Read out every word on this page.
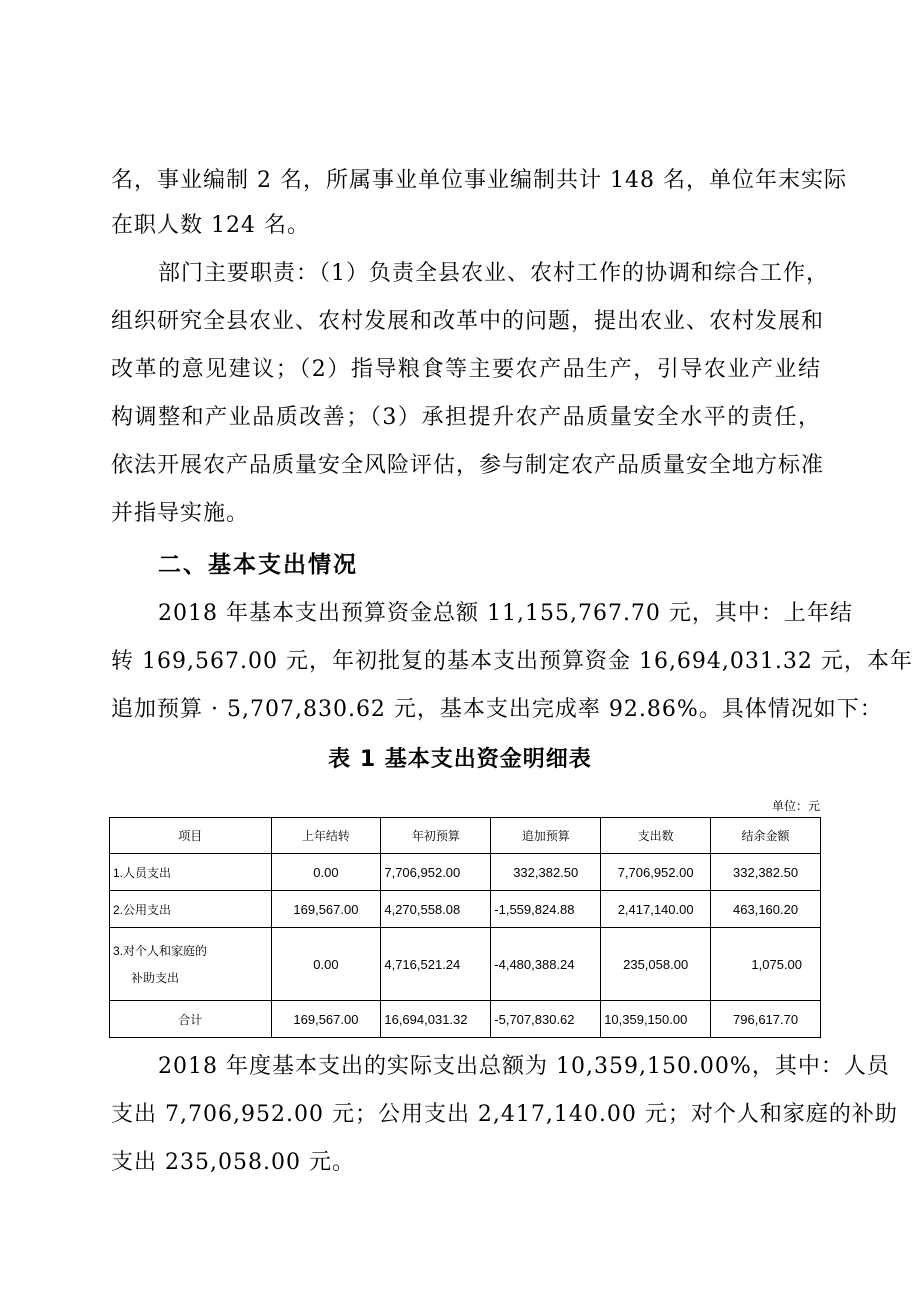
名，事业编制 2 名，所属事业单位事业编制共计 148 名，单位年末实际

在职人数 124 名。

部门主要职责：（1）负责全县农业、农村工作的协调和综合工作，

组织研究全县农业、农村发展和改革中的问题，提出农业、农村发展和

改革的意见建议；（2）指导粮食等主要农产品生产，引导农业产业结

构调整和产业品质改善；（3）承担提升农产品质量安全水平的责任，

依法开展农产品质量安全风险评估，参与制定农产品质量安全地方标准

并指导实施。

二、基本支出情况

2018 年基本支出预算资金总额 11,155,767.70 元，其中：上年结

转 169,567.00 元，年初批复的基本支出预算资金 16,694,031.32 元，本年

追加预算 · 5,707,830.62 元，基本支出完成率 92.86%。具体情况如下：

表 1 基本支出资金明细表
单位：元
项目	上年结转	年初预算	追加预算	支出数	结余金额
1.人员支出	0.00	7,706,952.00	332,382.50	7,706,952.00	332,382.50
2.公用支出	169,567.00	4,270,558.08	-1,559,824.88	2,417,140.00	463,160.20
3.对个人和家庭的
补助支出	0.00	4,716,521.24	-4,480,388.24	235,058.00	1,075.00
合计	169,567.00	16,694,031.32	-5,707,830.62	10,359,150.00	796,617.70

2018 年度基本支出的实际支出总额为 10,359,150.00%，其中：人员

支出 7,706,952.00 元；公用支出 2,417,140.00 元；对个人和家庭的补助

支出 235,058.00 元。
